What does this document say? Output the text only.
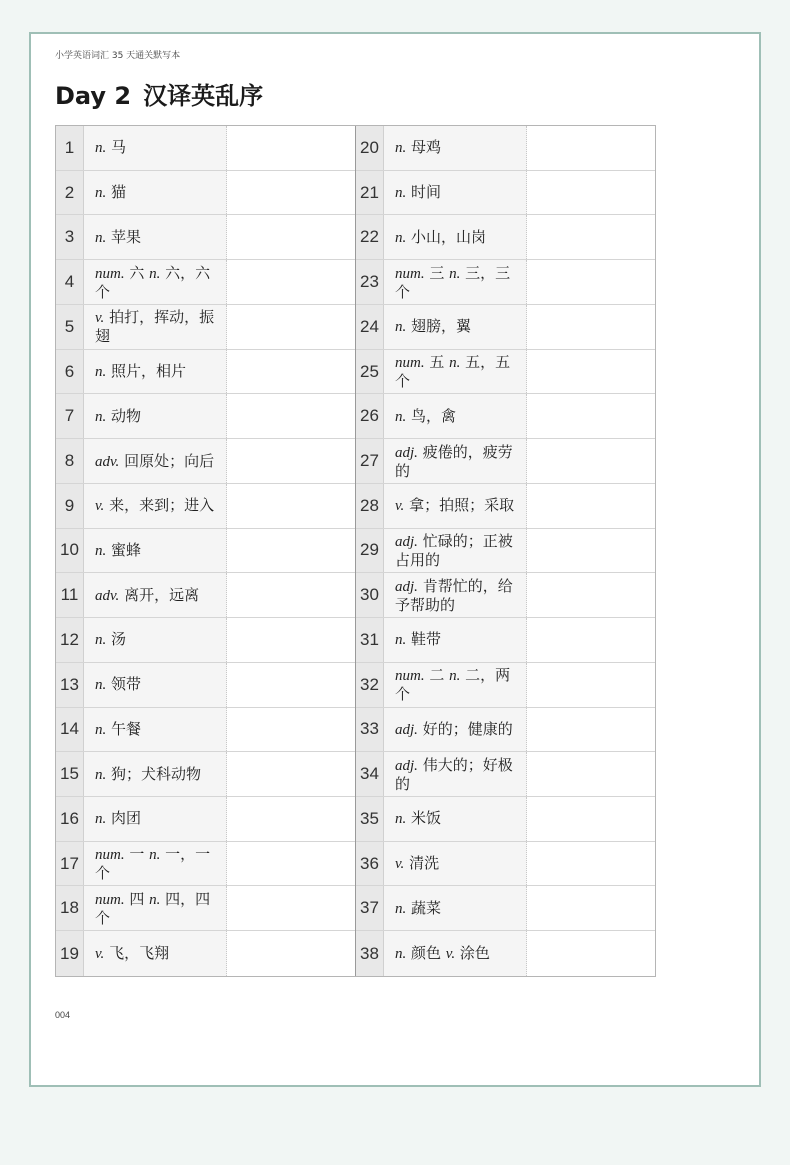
小学英语词汇 35 天通关默写本
Day 2 汉译英乱序
1	n. 马
2	n. 猫
3	n. 苹果
4	num. 六 n. 六，六个
5	v. 拍打，挥动，振翅
6	n. 照片，相片
7	n. 动物
8	adv. 回原处；向后
9	v. 来，来到；进入
10	n. 蜜蜂
11	adv. 离开，远离
12	n. 汤
13	n. 领带
14	n. 午餐
15	n. 狗；犬科动物
16	n. 肉团
17	num. 一 n. 一，一个
18	num. 四 n. 四，四个
19	v. 飞，飞翔
20	n. 母鸡
21	n. 时间
22	n. 小山，山岗
23	num. 三 n. 三，三个
24	n. 翅膀，翼
25	num. 五 n. 五，五个
26	n. 鸟，禽
27	adj. 疲倦的，疲劳的
28	v. 拿；拍照；采取
29	adj. 忙碌的；正被占用的
30	adj. 肯帮忙的，给予帮助的
31	n. 鞋带
32	num. 二 n. 二，两个
33	adj. 好的；健康的
34	adj. 伟大的；好极的
35	n. 米饭
36	v. 清洗
37	n. 蔬菜
38	n. 颜色 v. 涂色
004
